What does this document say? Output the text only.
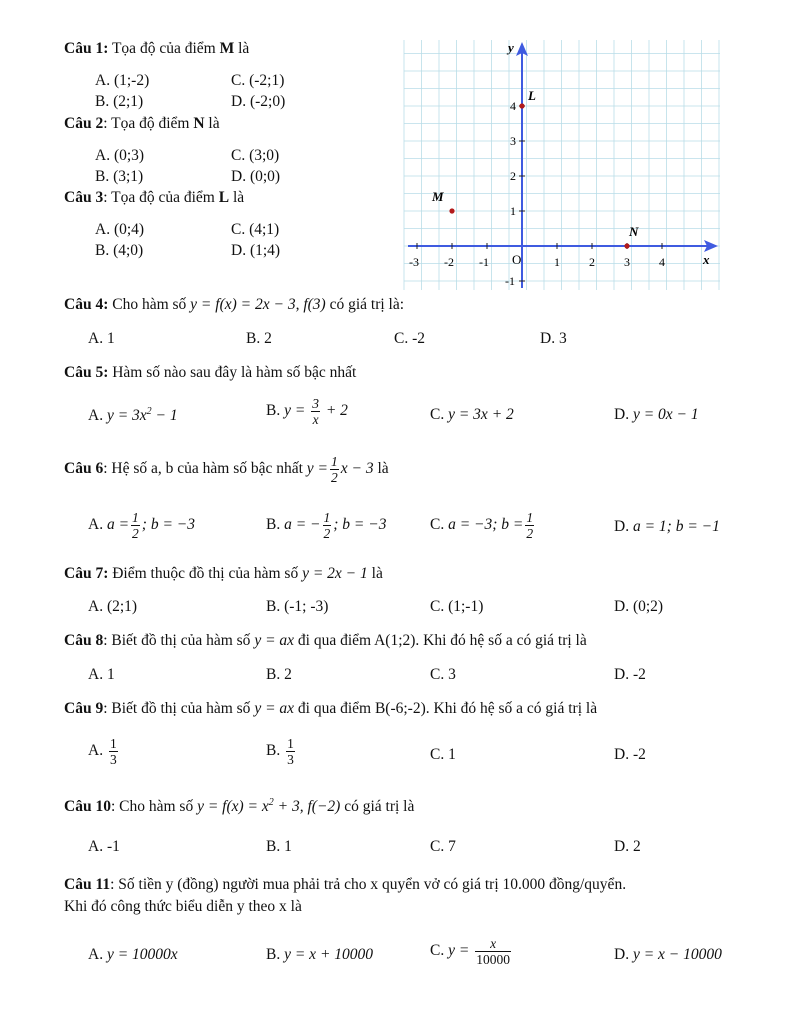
Câu 1: Tọa độ của điểm M là
A. (1;-2)	C. (-2;1)
B. (2;1)	D. (-2;0)
Câu 2: Tọa độ điểm N là
A. (0;3)	C. (3;0)
B. (3;1)	D. (0;0)
Câu 3: Tọa độ của điểm L là
A. (0;4)	C. (4;1)
B. (4;0)	D. (1;4)
x
y
O
-3 -2 -1	1 2 3 4
-1
1
2
3
4
M
L
N
Câu 4: Cho hàm số y = f(x) = 2x − 3, f(3) có giá trị là:
A. 1	B. 2	C. -2	D. 3
Câu 5: Hàm số nào sau đây là hàm số bậc nhất
A. $y = 3x^2 - 1$	B. $y = \frac{3}{x} + 2$	C. y = 3x + 2	D. y = 0x − 1
Câu 6: Hệ số a, b của hàm số bậc nhất $y = \frac{1}{2}$ x − 3 là
A. $a = \frac{1}{2}$ ; b = −3	B. a = − $\frac{1}{2}$ ; b = −3	C. a = −3; $b = \frac{1}{2}$	D. a = 1; b = −1
Câu 7: Điểm thuộc đồ thị của hàm số y = 2x − 1 là
A. (2;1)	B. (-1; -3)	C. (1;-1)	D. (0;2)
Câu 8: Biết đồ thị của hàm số y = ax đi qua điểm A(1;2). Khi đó hệ số a có giá trị là
A. 1	B. 2	C. 3	D. -2
Câu 9: Biết đồ thị của hàm số y = ax đi qua điểm B(-6;-2). Khi đó hệ số a có giá trị là
A. $\frac{1}{3}$	B. $\frac{1}{3}$	C. 1	D. -2
Câu 10: Cho hàm số $y = f(x) = x^2 + 3$, f(−2) có giá trị là
A. -1	B. 1	C. 7	D. 2
Câu 11: Số tiền y (đồng) người mua phải trả cho x quyển vở có giá trị 10.000 đồng/quyển.
Khi đó công thức biểu diễn y theo x là
A. y = 10000x	B. y = x + 10000	C. $y = \frac{x}{10000}$	D. y = x − 10000
